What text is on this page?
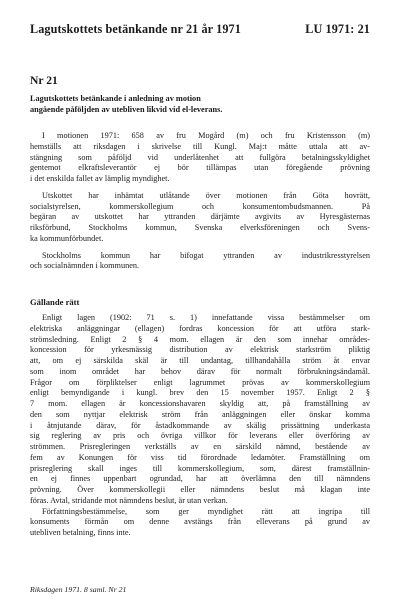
Lagutskottets betänkande nr 21 år 1971	LU 1971: 21
Nr 21
Lagutskottets betänkande i anledning av motion
angående påföljden av utebliven likvid vid el-leverans.

I motionen 1971: 658 av fru Mogård (m) och fru Kristensson (m)
hemställs att riksdagen i skrivelse till Kungl. Maj:t måtte uttala att av-
stängning som påföljd vid underlåtenhet att fullgöra betalningsskyldighet
gentemot elkraftsleverantör ej bör tillämpas utan föregående prövning
i det enskilda fallet av lämplig myndighet.

Utskottet har inhämtat utlåtande över motionen från Göta hovrätt,
socialstyrelsen, kommerskollegium och konsumentombudsmannen. På
begäran av utskottet har yttranden därjämte avgivits av Hyresgästernas
riksförbund, Stockholms kommun, Svenska elverksföreningen och Svens-
ka kommunförbundet.

Stockholms kommun har bifogat yttranden av industrikresstyrelsen
och socialnämnden i kommunen.

Gällande rätt
Enligt lagen (1902: 71 s. 1) innefattande vissa bestämmelser om
elektriska anläggningar (ellagen) fordras koncession för att utföra stark-
strömsledning. Enligt 2 § 4 mom. ellagen är den som innehar områdes-
koncession för yrkesmässig distribution av elektrisk starkström pliktig
att, om ej särskilda skäl är till undantag, tillhandahålla ström åt envar
som inom området har behov därav för normalt förbrukningsändamål.
Frågor om förpliktelser enligt lagrummet prövas av kommerskollegium
enligt bemyndigande i kungl. brev den 15 november 1957. Enligt 2 §
7 mom. ellagen är koncessionshavaren skyldig att, på framställning av
den som nyttjar elektrisk ström från anläggningen eller önskar komma
i åtnjutande därav, för åstadkommande av skälig prissättning underkasta
sig reglering av pris och övriga villkor för leverans eller överföring av
strömmen. Prisregleringen verkställs av en särskild nämnd, bestående av
fem av Konungen för viss tid förordnade ledamöter. Framställning om
prisreglering skall inges till kommerskollegium, som, därest framställnin-
en ej finnes uppenbart ogrundad, har att överlämna den till nämndens
prövning. Över kommerskollegii eller nämndens beslut må klagan inte
föras. Avtal, stridande mot nämndens beslut, är utan verkan.
Författningsbestämmelse, som ger myndighet rätt att ingripa till
konsuments förmån om denne avstängs från elleverans på grund av
utebliven betalning, finns inte.
Riksdagen 1971. 8 saml. Nr 21
